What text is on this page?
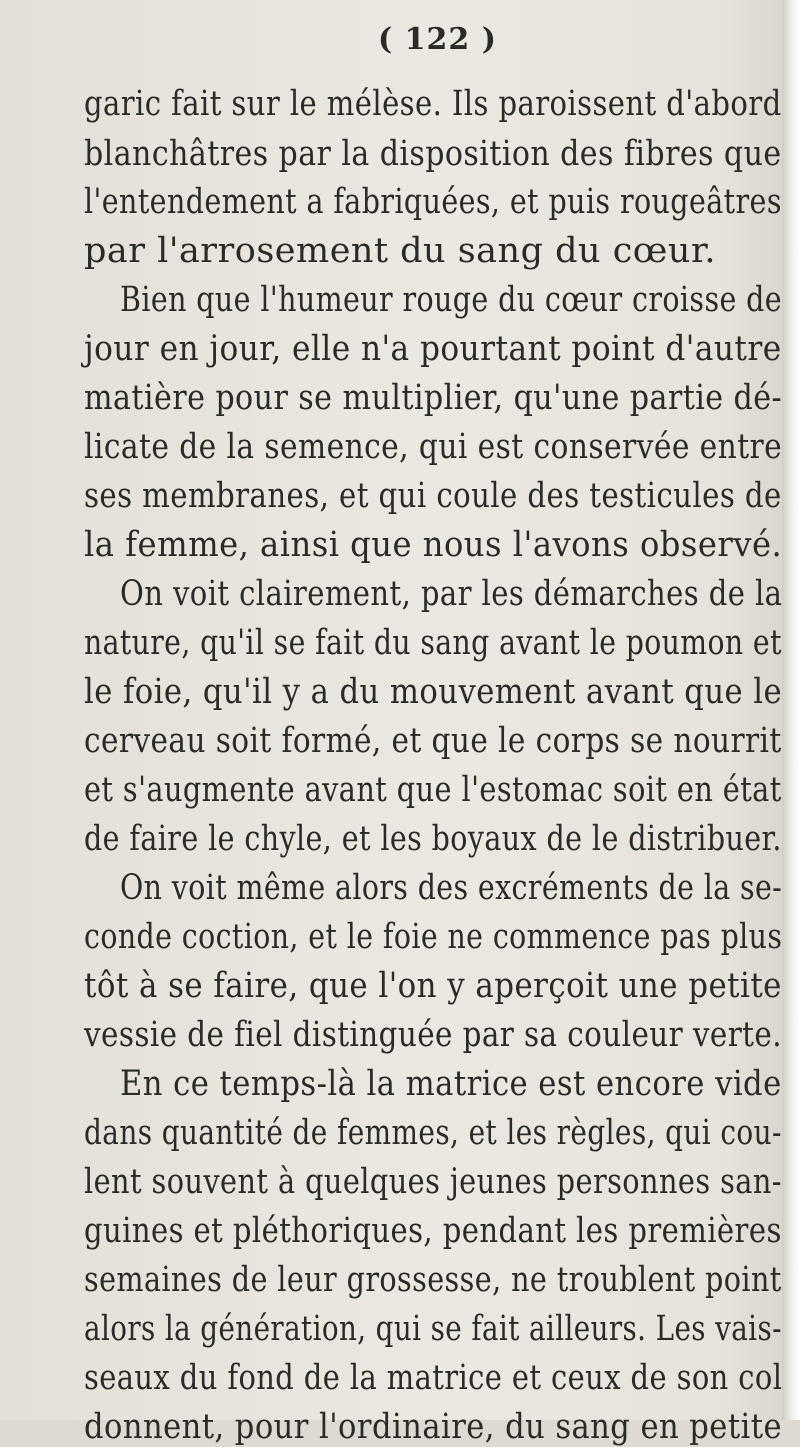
( 122 )
garic fait sur le mélèse. Ils paroissent d'abord
blanchâtres par la disposition des fibres que
l'entendement a fabriquées, et puis rougeâtres
par l'arrosement du sang du cœur.
Bien que l'humeur rouge du cœur croisse de
jour en jour, elle n'a pourtant point d'autre
matière pour se multiplier, qu'une partie dé-
licate de la semence, qui est conservée entre
ses membranes, et qui coule des testicules de
la femme, ainsi que nous l'avons observé.
On voit clairement, par les démarches de la
nature, qu'il se fait du sang avant le poumon et
le foie, qu'il y a du mouvement avant que le
cerveau soit formé, et que le corps se nourrit
et s'augmente avant que l'estomac soit en état
de faire le chyle, et les boyaux de le distribuer.
On voit même alors des excréments de la se-
conde coction, et le foie ne commence pas plus
tôt à se faire, que l'on y aperçoit une petite
vessie de fiel distinguée par sa couleur verte.
En ce temps-là la matrice est encore vide
dans quantité de femmes, et les règles, qui cou-
lent souvent à quelques jeunes personnes san-
guines et pléthoriques, pendant les premières
semaines de leur grossesse, ne troublent point
alors la génération, qui se fait ailleurs. Les vais-
seaux du fond de la matrice et ceux de son col
donnent, pour l'ordinaire, du sang en petite
